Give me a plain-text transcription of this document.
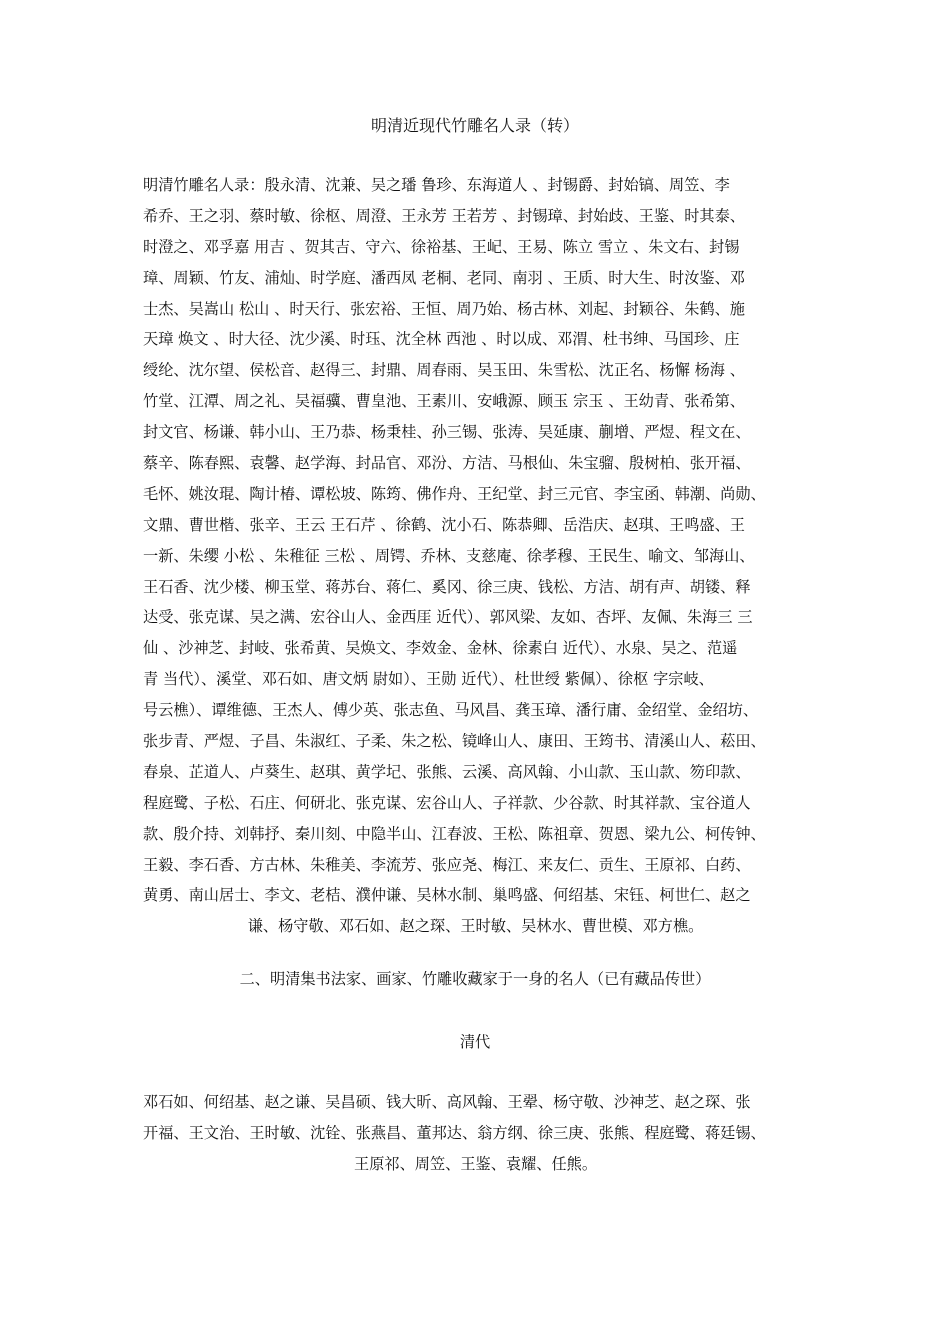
明清近现代竹雕名人录（转）
明清竹雕名人录：殷永清、沈兼、吴之璠 鲁珍、东海道人 、封锡爵、封始镐、周笠、李
希乔、王之羽、蔡时敏、徐枢、周澄、王永芳 王若芳 、封锡璋、封始歧、王鉴、时其泰、
时澄之、邓孚嘉 用吉 、贺其吉、守六、徐裕基、王屺、王易、陈立 雪立 、朱文右、封锡
璋、周颖、竹友、浦灿、时学庭、潘西凤 老桐、老同、南羽 、王质、时大生、时汝鉴、邓
士杰、吴嵩山 松山 、时天行、张宏裕、王恒、周乃始、杨古林、刘起、封颖谷、朱鹤、施
天璋 焕文 、时大径、沈少溪、时珏、沈全林 西池 、时以成、邓渭、杜书绅、马国珍、庄
绶纶、沈尔望、侯松音、赵得三、封鼎、周春雨、吴玉田、朱雪松、沈正名、杨懈 杨海 、
竹堂、江潭、周之礼、吴福骥、曹皇池、王素川、安峨源、顾玉 宗玉 、王幼青、张希第、
封文官、杨谦、韩小山、王乃恭、杨秉桂、孙三锡、张涛、吴延康、蒯增、严煜、程文在、
蔡辛、陈春熙、袁馨、赵学海、封品官、邓汾、方洁、马根仙、朱宝骝、殷树柏、张开福、
毛怀、姚汝琨、陶计椿、谭松坡、陈筠、佛作舟、王纪堂、封三元官、李宝函、韩潮、尚勋、
文鼎、曹世楷、张辛、王云 王石芹 、徐鹤、沈小石、陈恭卿、岳浩庆、赵琪、王鸣盛、王
一新、朱缨 小松 、朱稚征 三松 、周锷、乔林、支慈庵、徐孝穆、王民生、喻文、邹海山、
王石香、沈少楼、柳玉堂、蒋苏台、蒋仁、奚冈、徐三庚、钱松、方洁、胡有声、胡镂、释
达受、张克谋、吴之满、宏谷山人、金西厓 近代）、郭风梁、友如、杏坪、友佩、朱海三 三
仙 、沙神芝、封岐、张希黄、吴焕文、李效金、金林、徐素白 近代）、水泉、吴之、范遥
青 当代）、溪堂、邓石如、唐文炳 尉如）、王勋 近代）、杜世绶 紫佩）、徐枢 字宗岐、
号云樵）、谭维德、王杰人、傅少英、张志鱼、马风昌、龚玉璋、潘行庸、金绍堂、金绍坊、
张步青、严煜、子昌、朱淑红、子柔、朱之松、镜峰山人、康田、王筠书、清溪山人、菘田、
春泉、芷道人、卢葵生、赵琪、黄学圮、张熊、云溪、高风翰、小山款、玉山款、笏印款、
程庭鹭、子松、石庄、何研北、张克谋、宏谷山人、子祥款、少谷款、时其祥款、宝谷道人
款、殷介持、刘韩抒、秦川刻、中隐半山、江春波、王松、陈祖章、贺恩、梁九公、柯传钟、
王毅、李石香、方古林、朱稚美、李流芳、张应尧、梅江、来友仁、贡生、王原祁、白药、
黄勇、南山居士、李文、老桔、濮仲谦、吴林水制、巢鸣盛、何绍基、宋钰、柯世仁、赵之
谦、杨守敬、邓石如、赵之琛、王时敏、吴林水、曹世模、邓方樵。
二、明清集书法家、画家、竹雕收藏家于一身的名人（已有藏品传世）
清代
邓石如、何绍基、赵之谦、吴昌硕、钱大昕、高风翰、王翚、杨守敬、沙神芝、赵之琛、张
开福、王文治、王时敏、沈铨、张燕昌、董邦达、翁方纲、徐三庚、张熊、程庭鹭、蒋廷锡、
王原祁、周笠、王鉴、袁耀、任熊。
